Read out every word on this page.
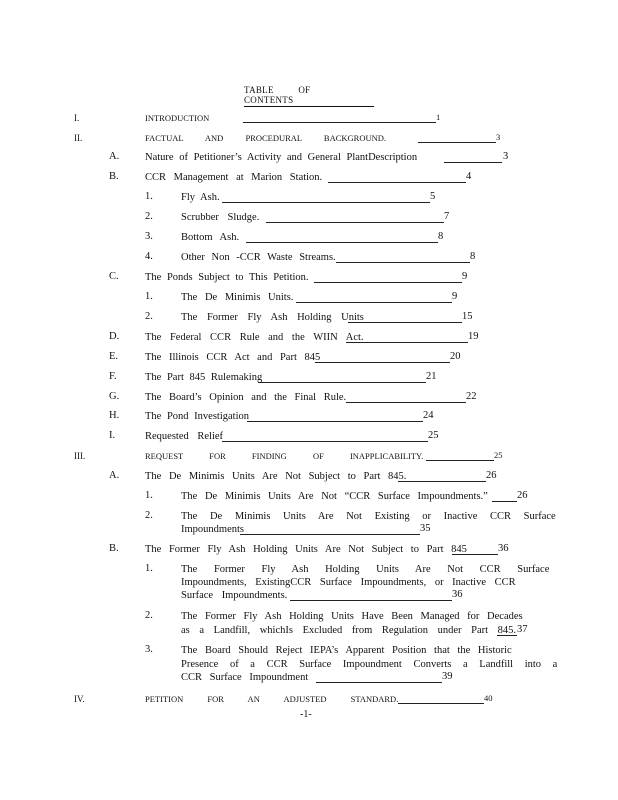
TABLE OF CONTENTS
I.	INTRODUCTION	1
II.	FACTUAL AND PROCEDURAL BACKGROUND.	3
A. Nature of Petitioner’s Activity and General PlantDescription	3
B.	CCR Management at Marion Station.	4
1.	Fly Ash.	5
2.	Scrubber Sludge.	7
3.	Bottom Ash.	8
4.	Other Non -CCR Waste Streams.	8
C.	The Ponds Subject to This Petition.	9
1.	The De Minimis Units.	9
2.	The Former Fly Ash Holding Units	15
D. The Federal CCR Rule and the WIIN Act.	19
E.	The Illinois CCR Act and Part 845	20
F.	The Part 845 Rulemaking	21
G. The Board’s Opinion and the Final Rule.	22
H. The Pond Investigation	24
I.	Requested Relief	25
III.	REQUEST FOR FINDING OF INAPPLICABILITY.	25
A. The De Minimis Units Are Not Subject to Part 845.	26
1.	The De Minimis Units Are Not “CCR Surface Impoundments.”	26
2.	The De Minimis Units Are Not Existing or Inactive CCR Surface
Impoundments	35
B.	The Former Fly Ash Holding Units Are Not Subject to Part 845	36
1.	The Former Fly Ash Holding Units Are Not CCR Surface
Impoundments, ExistingCCR Surface Impoundments, or Inactive CCR
Surface Impoundments.	36
2.	The Former Fly Ash Holding Units Have Been Managed for Decades
as a Landfill, whichIs Excluded from Regulation under Part 845. 37
3.	The Board Should Reject IEPA’s Apparent Position that the Historic
Presence of a CCR Surface Impoundment Converts a Landfill into a
CCR Surface Impoundment	39
IV.	PETITION FOR AN ADJUSTED STANDARD.	40
-1-
